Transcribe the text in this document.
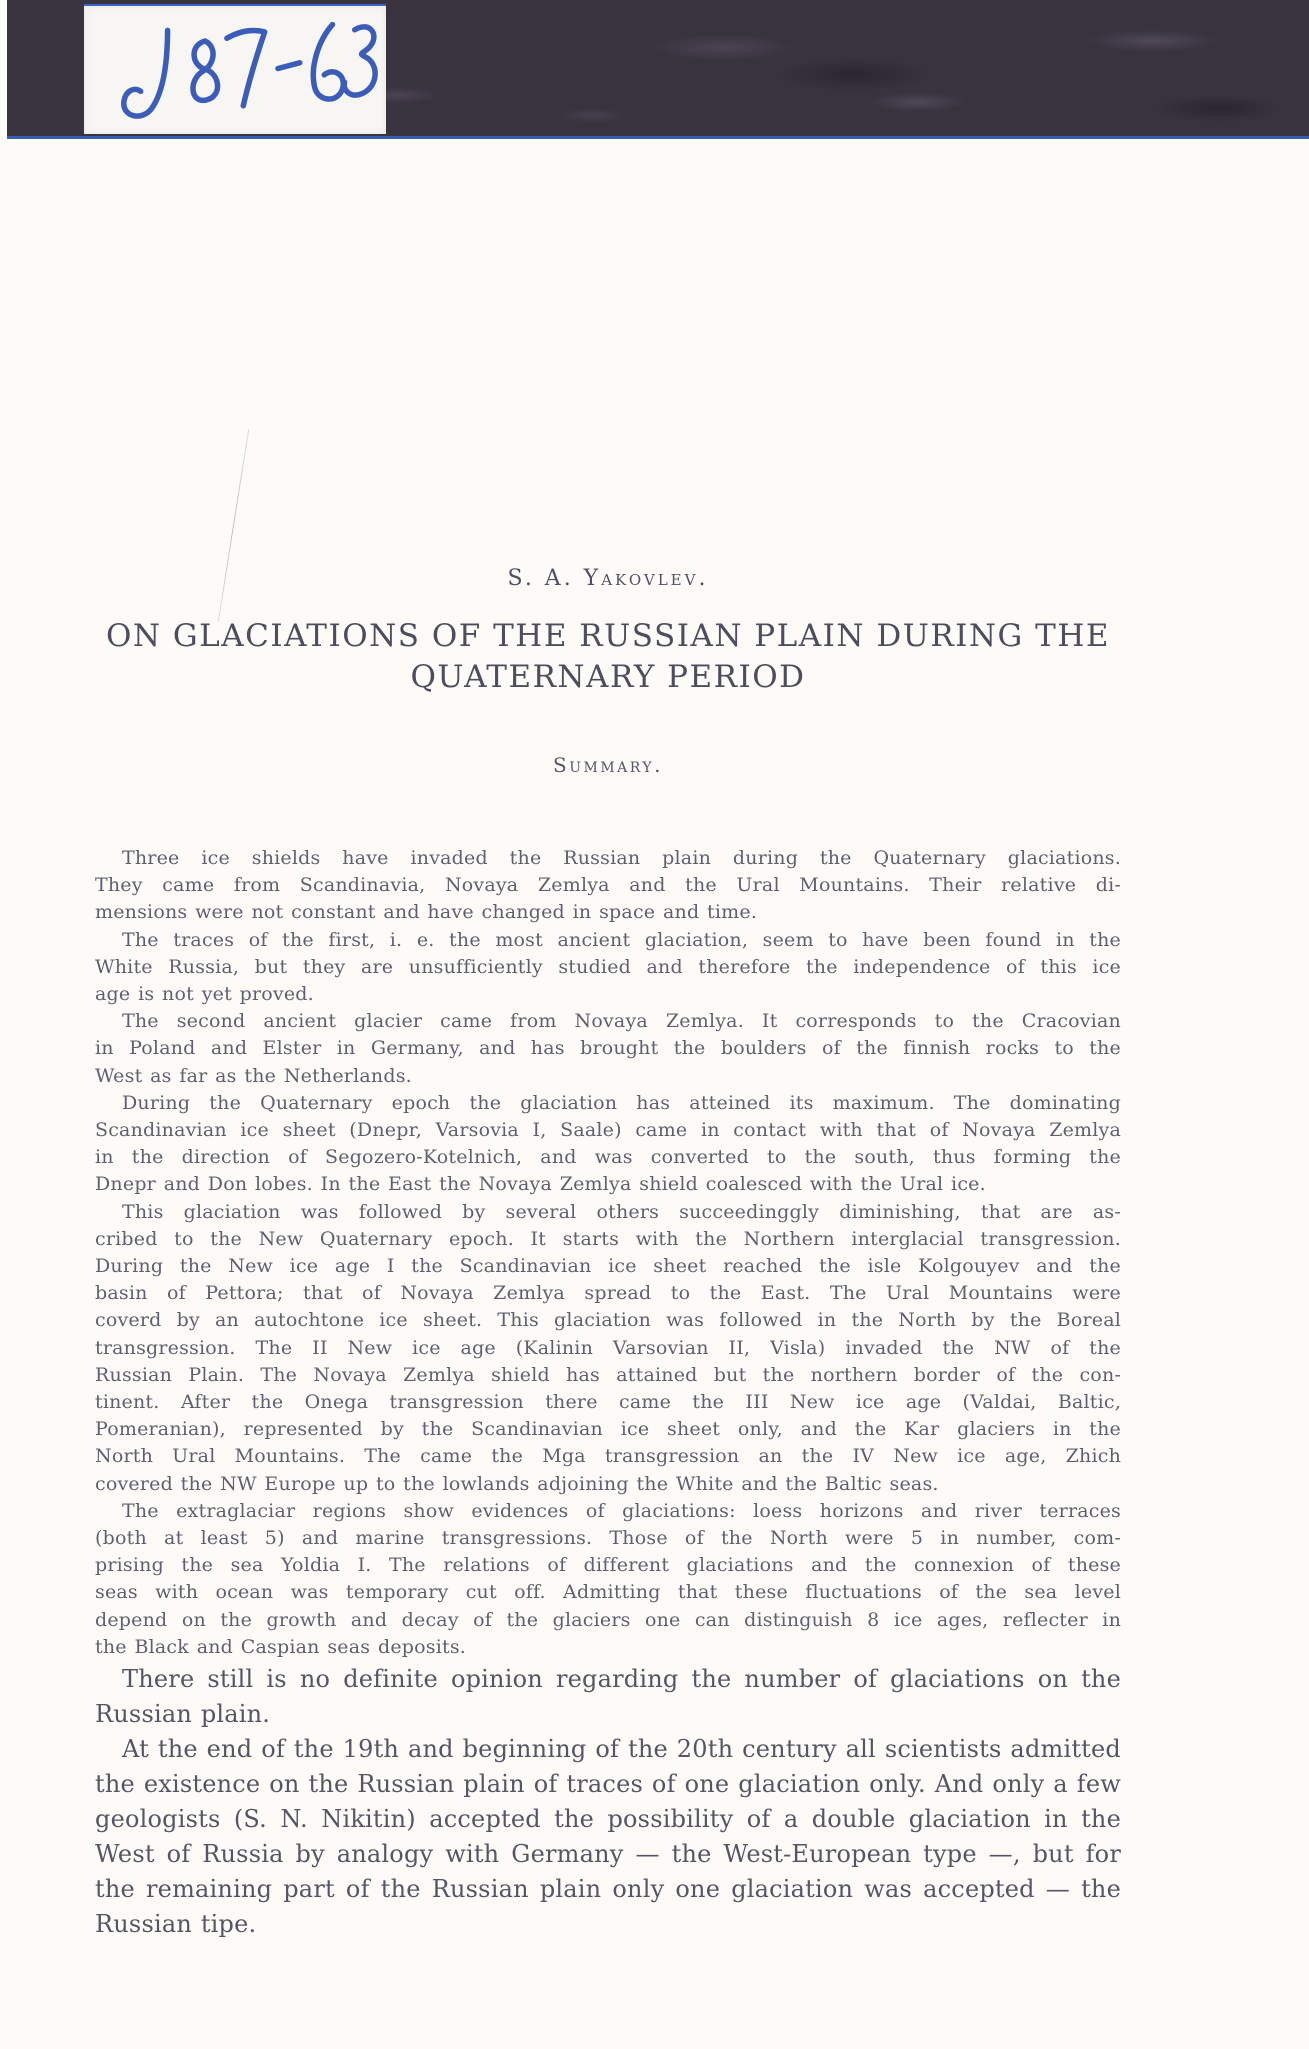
S. A. Yakovlev.
ON GLACIATIONS OF THE RUSSIAN PLAIN DURING THE
QUATERNARY PERIOD
Summary.
Three ice shields have invaded the Russian plain during the Quaternary glaciations.
They came from Scandinavia, Novaya Zemlya and the Ural Mountains. Their relative di-
mensions were not constant and have changed in space and time.
The traces of the first, i. e. the most ancient glaciation, seem to have been found in the
White Russia, but they are unsufficiently studied and therefore the independence of this ice
age is not yet proved.
The second ancient glacier came from Novaya Zemlya. It corresponds to the Cracovian
in Poland and Elster in Germany, and has brought the boulders of the finnish rocks to the
West as far as the Netherlands.
During the Quaternary epoch the glaciation has atteined its maximum. The dominating
Scandinavian ice sheet (Dnepr, Varsovia I, Saale) came in contact with that of Novaya Zemlya
in the direction of Segozero-Kotelnich, and was converted to the south, thus forming the
Dnepr and Don lobes. In the East the Novaya Zemlya shield coalesced with the Ural ice.
This glaciation was followed by several others succeedinggly diminishing, that are as-
cribed to the New Quaternary epoch. It starts with the Northern interglacial transgression.
During the New ice age I the Scandinavian ice sheet reached the isle Kolgouyev and the
basin of Pettora; that of Novaya Zemlya spread to the East. The Ural Mountains were
coverd by an autochtone ice sheet. This glaciation was followed in the North by the Boreal
transgression. The II New ice age (Kalinin Varsovian II, Visla) invaded the NW of the
Russian Plain. The Novaya Zemlya shield has attained but the northern border of the con-
tinent. After the Onega transgression there came the III New ice age (Valdai, Baltic,
Pomeranian), represented by the Scandinavian ice sheet only, and the Kar glaciers in the
North Ural Mountains. The came the Mga transgression an the IV New ice age, Zhich
covered the NW Europe up to the lowlands adjoining the White and the Baltic seas.
The extraglaciar regions show evidences of glaciations: loess horizons and river terraces
(both at least 5) and marine transgressions. Those of the North were 5 in number, com-
prising the sea Yoldia I. The relations of different glaciations and the connexion of these
seas with ocean was temporary cut off. Admitting that these fluctuations of the sea level
depend on the growth and decay of the glaciers one can distinguish 8 ice ages, reflecter in
the Black and Caspian seas deposits.
There still is no definite opinion regarding the number of glaciations on the
Russian plain.
At the end of the 19th and beginning of the 20th century all scientists admitted
the existence on the Russian plain of traces of one glaciation only. And only a few
geologists (S. N. Nikitin) accepted the possibility of a double glaciation in the
West of Russia by analogy with Germany — the West-European type —, but for
the remaining part of the Russian plain only one glaciation was accepted — the
Russian tipe.
